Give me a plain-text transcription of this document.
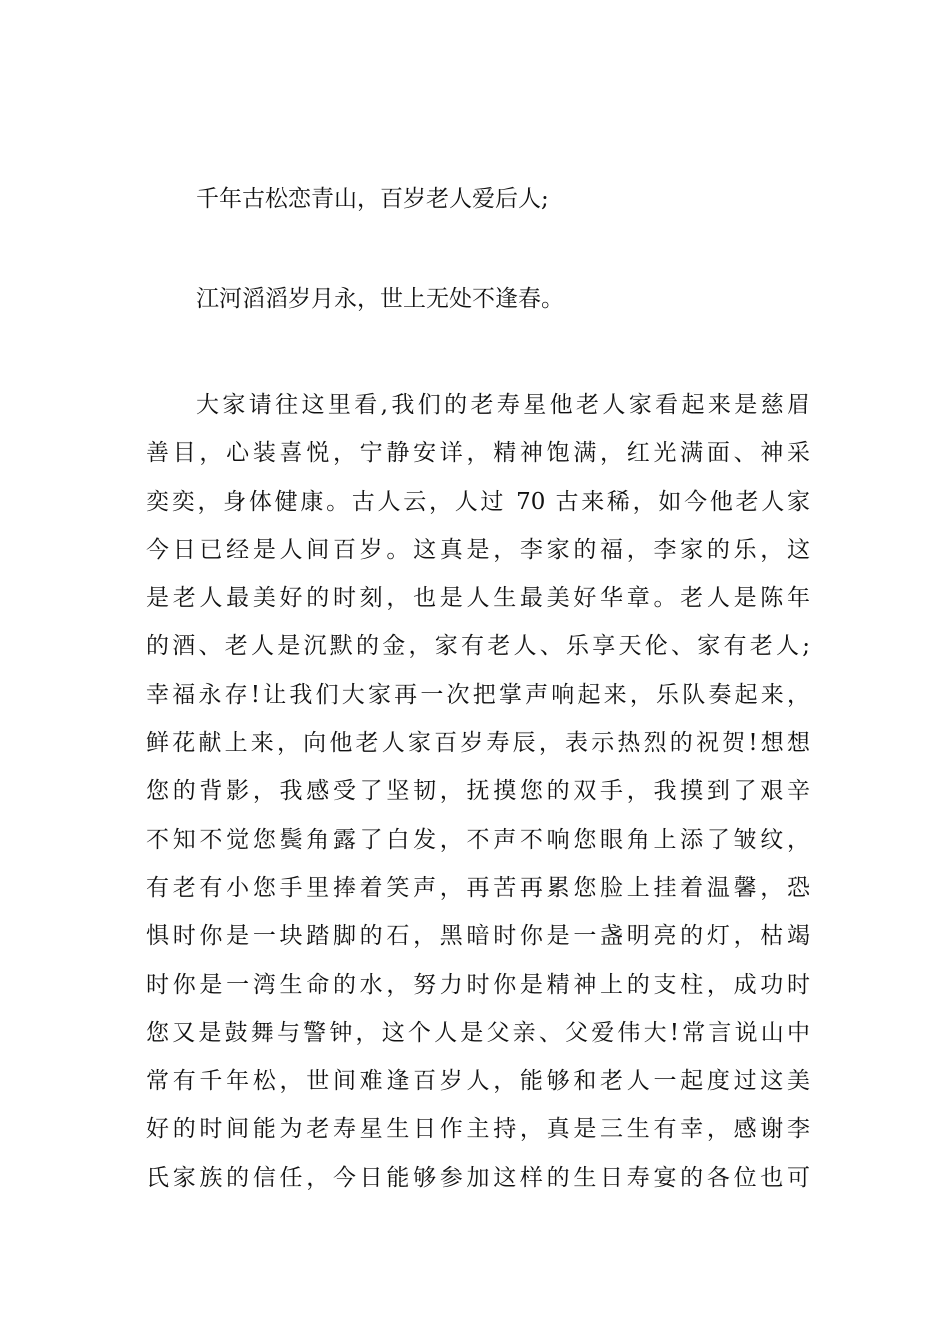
千年古松恋青山，百岁老人爱后人;
江河滔滔岁月永，世上无处不逢春。

大家请往这里看,我们的老寿星他老人家看起来是慈眉
善目，心装喜悦，宁静安详，精神饱满，红光满面、神采
奕奕，身体健康。古人云，人过 70 古来稀，如今他老人家
今日已经是人间百岁。这真是，李家的福，李家的乐，这
是老人最美好的时刻，也是人生最美好华章。老人是陈年
的酒、老人是沉默的金，家有老人、乐享天伦、家有老人;
幸福永存!让我们大家再一次把掌声响起来，乐队奏起来，
鲜花献上来，向他老人家百岁寿辰，表示热烈的祝贺!想想
您的背影，我感受了坚韧，抚摸您的双手，我摸到了艰辛
不知不觉您鬓角露了白发，不声不响您眼角上添了皱纹，
有老有小您手里捧着笑声，再苦再累您脸上挂着温馨，恐
惧时你是一块踏脚的石，黑暗时你是一盏明亮的灯，枯竭
时你是一湾生命的水，努力时你是精神上的支柱，成功时
您又是鼓舞与警钟，这个人是父亲、父爱伟大!常言说山中
常有千年松，世间难逢百岁人，能够和老人一起度过这美
好的时间能为老寿星生日作主持，真是三生有幸，感谢李
氏家族的信任，今日能够参加这样的生日寿宴的各位也可
